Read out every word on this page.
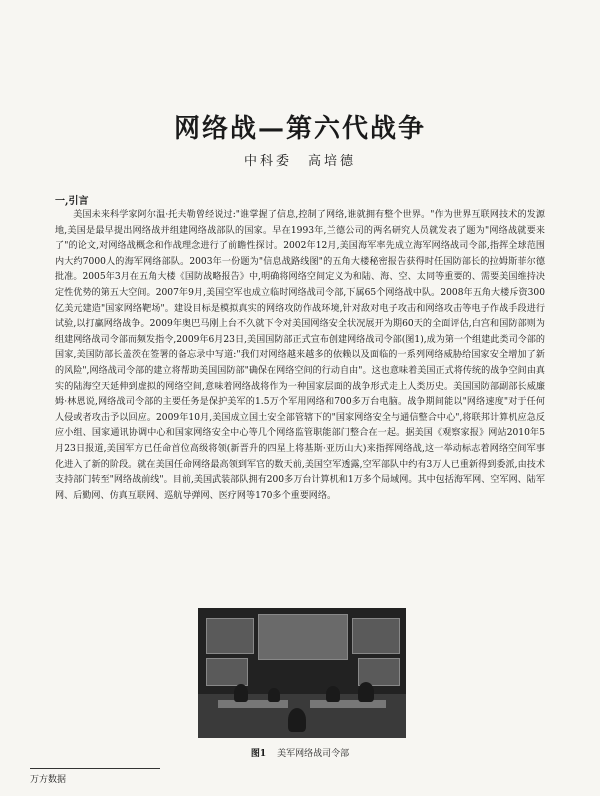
网络战—第六代战争
中科委　高培德
一,引言

美国未来科学家阿尔温·托夫勒曾经说过:"谁掌握了信息,控制了网络,谁就拥有整个世界。"作为世界互联网技术的发源地,美国是最早提出网络战并组建网络战部队的国家。早在1993年,兰德公司的两名研究人员就发表了题为"网络战就要来了"的论文,对网络战概念和作战理念进行了前瞻性探讨。2002年12月,美国海军率先成立海军网络战司令部,指挥全球范围内大约7000人的海军网络部队。2003年一份题为"信息战路线图"的五角大楼秘密报告获得时任国防部长的拉姆斯菲尔德批准。2005年3月在五角大楼《国防战略报告》中,明确将网络空间定义为和陆、海、空、太同等重要的、需要美国维持决定性优势的第五大空间。2007年9月,美国空军也成立临时网络战司令部,下属65个网络战中队。2008年五角大楼斥资300亿美元建造"国家网络靶场"。建设目标是模拟真实的网络攻防作战环境,针对敌对电子攻击和网络攻击等电子作战手段进行试验,以打赢网络战争。2009年奥巴马刚上台不久就下令对美国网络安全状况展开为期60天的全面评估,白宫和国防部则为组建网络战司令部而频发指令,2009年6月23日,美国国防部正式宣布创建网络战司令部(图1),成为第一个组建此类司令部的国家,美国防部长盖茨在签署的备忘录中写道:"我们对网络越来越多的依赖以及面临的一系列网络威胁给国家安全增加了新的风险",网络战司令部的建立将帮助美国国防部"确保在网络空间的行动自由"。这也意味着美国正式将传统的战争空间由真实的陆海空天延伸到虚拟的网络空间,意味着网络战将作为一种国家层面的战争形式走上人类历史。美国国防部副部长威廉姆·林恩说,网络战司令部的主要任务是保护美军的1.5万个军用网络和700多万台电脑。战争期间能以"网络速度"对于任何人侵或者攻击予以回应。2009年10月,美国成立国土安全部管辖下的"国家网络安全与通信整合中心",将联邦计算机应急反应小组、国家通讯协调中心和国家网络安全中心等几个网络监管职能部门整合在一起。据美国《观察家报》网站2010年5月23日报道,美国军方已任命首位高级将领(新晋升的四星上将基斯·亚历山大)来指挥网络战,这一举动标志着网络空间军事化进入了新的阶段。就在美国任命网络最高领到军官的数天前,美国空军透露,空军部队中约有3万人已重新得到委派,由技术支持部门转至"网络战前线"。目前,美国武装部队拥有200多万台计算机和1万多个局域网。其中包括海军网、空军网、陆军网、后勤网、仿真互联网、巡航导弹网、医疗网等170多个重要网络。

图1 美军网络战司令部
万方数据
